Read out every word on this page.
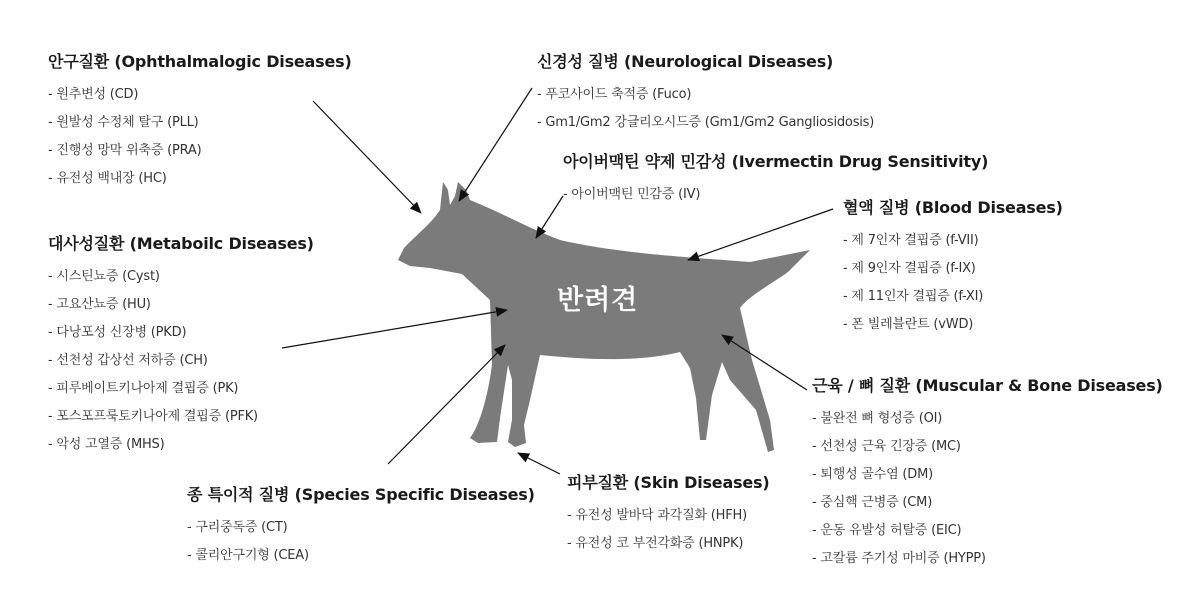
반려견
안구질환 (Ophthalmalogic Diseases)
- 원추변성 (CD)
- 원발성 수정체 탈구 (PLL)
- 진행성 망막 위축증 (PRA)
- 유전성 백내장 (HC)
대사성질환 (Metaboilc Diseases)
- 시스틴뇨증 (Cyst)
- 고요산뇨증 (HU)
- 다낭포성 신장병 (PKD)
- 선천성 갑상선 저하증 (CH)
- 피루베이트키나아제 결핍증 (PK)
- 포스포프룩토키나아제 결핍증 (PFK)
- 악성 고열증 (MHS)
신경성 질병 (Neurological Diseases)
- 푸코사이드 축적증 (Fuco)
- Gm1/Gm2 강글리오시드증 (Gm1/Gm2 Gangliosidosis)
아이버맥틴 약제 민감성 (Ivermectin Drug Sensitivity)
- 아이버맥틴 민감증 (IV)
혈액 질병 (Blood Diseases)
- 제 7인자 결핍증 (f-VII)
- 제 9인자 결핍증 (f-IX)
- 제 11인자 결핍증 (f-XI)
- 폰 빌레블란트 (vWD)
근육 / 뼈 질환 (Muscular & Bone Diseases)
- 불완전 뼈 형성증 (OI)
- 선천성 근육 긴장증 (MC)
- 퇴행성 골수염 (DM)
- 중심핵 근병증 (CM)
- 운동 유발성 허탈증 (EIC)
- 고칼륨 주기성 마비증 (HYPP)
피부질환 (Skin Diseases)
- 유전성 발바닥 과각질화 (HFH)
- 유전성 코 부전각화증 (HNPK)
종 특이적 질병 (Species Specific Diseases)
- 구리중독증 (CT)
- 콜리안구기형 (CEA)
